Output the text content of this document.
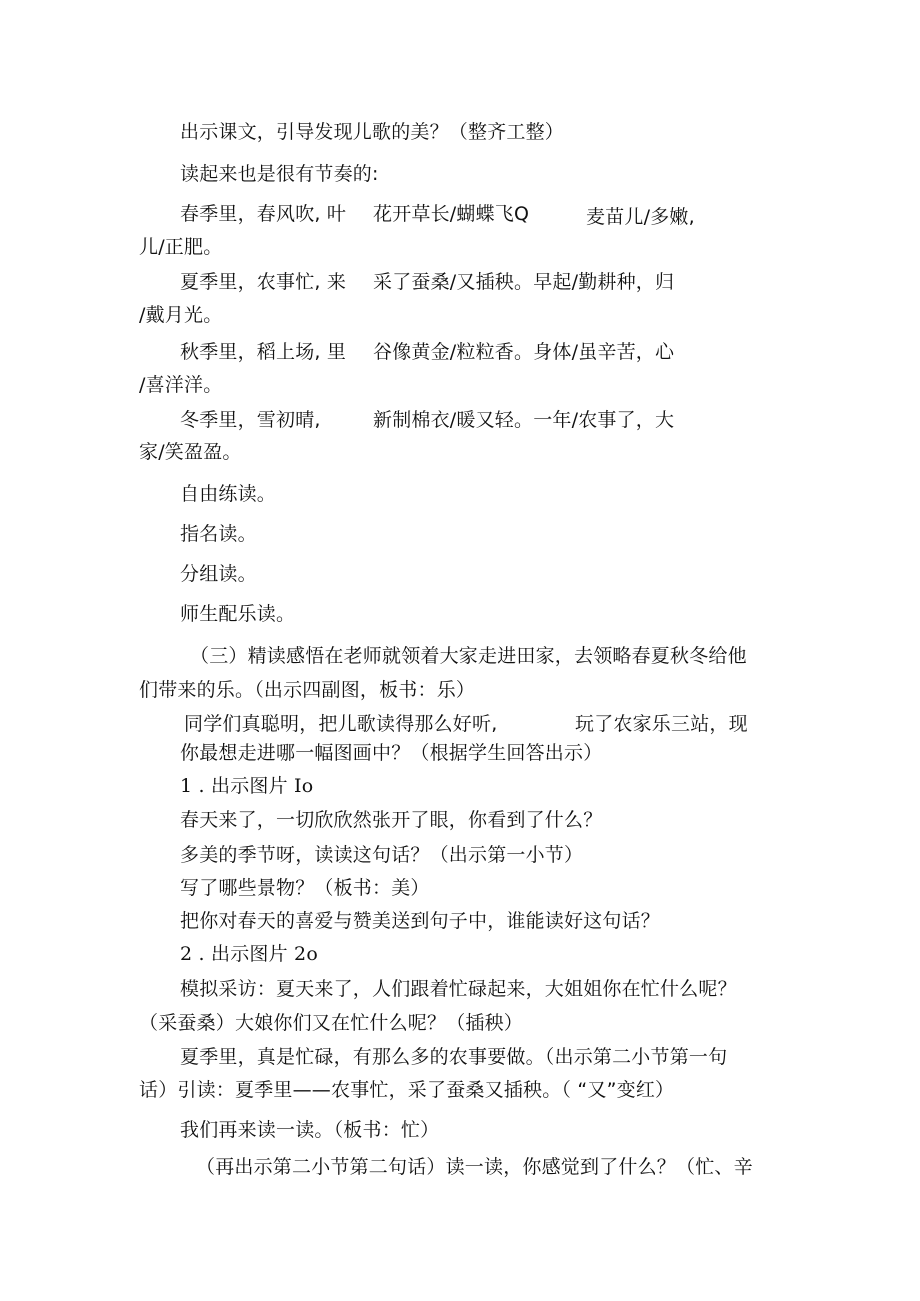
出示课文，引导发现儿歌的美？（整齐工整）
读起来也是很有节奏的:
春季里，春风吹, 叶 花开草长/蝴蝶飞Q	麦苗儿/多嫩,
儿/正肥。
夏季里，农事忙, 来 采了蚕桑/又插秧。早起/勤耕种，归
/戴月光。
秋季里，稻上场, 里 谷像黄金/粒粒香。身体/虽辛苦，心
/喜洋洋。
冬季里，雪初晴,	新制棉衣/暖又轻。一年/农事了，大
家/笑盈盈。
自由练读。
指名读。
分组读。
师生配乐读。
（三）精读感悟在老师就领着大家走进田家，去领略春夏秋冬给他
们带来的乐。（出示四副图，板书：乐）
同学们真聪明，把儿歌读得那么好听,	玩了农家乐三站，现
你最想走进哪一幅图画中？（根据学生回答出示）
1 . 出示图片 Io
春天来了，一切欣欣然张开了眼，你看到了什么？
多美的季节呀，读读这句话？（出示第一小节）
写了哪些景物？（板书：美）
把你对春天的喜爱与赞美送到句子中，谁能读好这句话？
2 . 出示图片 2o
模拟采访：夏天来了，人们跟着忙碌起来，大姐姐你在忙什么呢？
（采蚕桑）大娘你们又在忙什么呢？（插秧）
夏季里，真是忙碌，有那么多的农事要做。（出示第二小节第一句
话）引读：夏季里——农事忙，采了蚕桑又插秧。（ “又”变红）
我们再来读一读。（板书：忙）
（再出示第二小节第二句话）读一读，你感觉到了什么？（忙、辛
